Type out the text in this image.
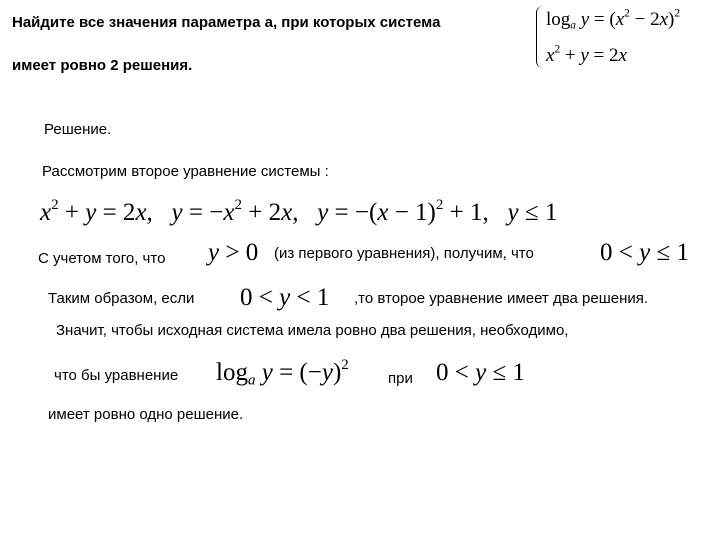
Найдите все значения параметра a, при которых система
имеет ровно 2 решения.
$\log_a y = (x^2 - 2x)^2$
$x^2 + y = 2x$
Решение.
Рассмотрим второе уравнение системы :
$x^2 + y = 2x$,   $y = -x^2 + 2x$,   $y = -(x - 1)^2 + 1$,   y ≤ 1
С учетом того, что y > 0 (из первого уравнения), получим, что	0 < y ≤ 1
Таким образом, если 0 < y < 1 ,то второе уравнение имеет два решения.
Значит, чтобы исходная система имела ровно два решения, необходимо,
что бы уравнение $\log_a y = (-y)^2$
при 0 < y ≤ 1
имеет ровно одно решение.
